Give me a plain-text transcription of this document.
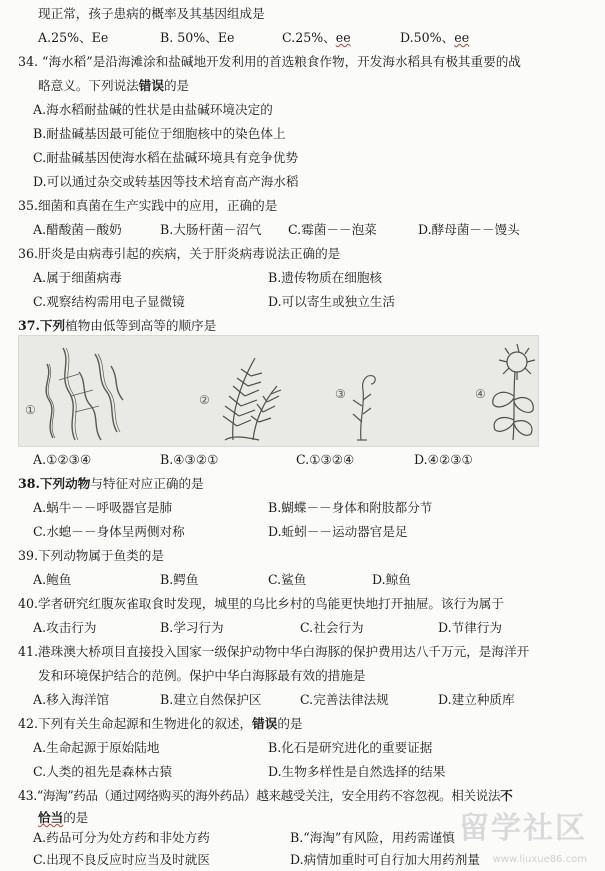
现正常，孩子患病的概率及其基因组成是
A.25%、Ee	B. 50%、Ee	C.25%、ee	D.50%、ee
34. “海水稻”是沿海滩涂和盐碱地开发利用的首选粮食作物，开发海水稻具有极其重要的战
略意义。下列说法错误的是
A.海水稻耐盐碱的性状是由盐碱环境决定的
B.耐盐碱基因最可能位于细胞核中的染色体上
C.耐盐碱基因使海水稻在盐碱环境具有竞争优势
D.可以通过杂交或转基因等技术培育高产海水稻
35.细菌和真菌在生产实践中的应用，正确的是
A.醋酸菌－酸奶	B.大肠杆菌－沼气 C.霉菌－－泡菜	D.酵母菌－－馒头
36.肝炎是由病毒引起的疾病，关于肝炎病毒说法正确的是
A.属于细菌病毒	B.遗传物质在细胞核
C.观察结构需用电子显微镜	D.可以寄生或独立生活
37.下列植物由低等到高等的顺序是
②	③	④
①
A.①②③④	B.④③②①	C.①③②④	D.④②③①
38.下列动物与特征对应正确的是
A.蜗牛－－呼吸器官是肺	B.蝴蝶－－身体和附肢都分节
C.水螅－－身体呈两侧对称	D.蚯蚓－－运动器官是足
39.下列动物属于鱼类的是
A.鲍鱼	B.鳄鱼	C.鲨鱼	D.鲸鱼
40.学者研究红腹灰雀取食时发现，城里的乌比乡村的鸟能更快地打开抽屉。该行为属于
A.攻击行为	B.学习行为	C.社会行为	D.节律行为
41.港珠澳大桥项目直接投入国家一级保护动物中华白海豚的保护费用达八千万元，是海洋开
发和环境保护结合的范例。保护中华白海豚最有效的措施是
A.移入海洋馆	B.建立自然保护区	C.完善法律法规	D.建立种质库
42.下列有关生命起源和生物进化的叙述，错误的是
A.生命起源于原始陆地	B.化石是研究进化的重要证据
C.人类的祖先是森林古猿	D.生物多样性是自然选择的结果
43.“海淘”药品（通过网络购买的海外药品）越来越受关注，安全用药不容忽视。相关说法不
恰当的是
A.药品可分为处方药和非处方药	B.“海淘”有风险，用药需谨慎
C.出现不良反应时应当及时就医	D.病情加重时可自行加大用药剂量
留学社区
www.liuxue86.com
